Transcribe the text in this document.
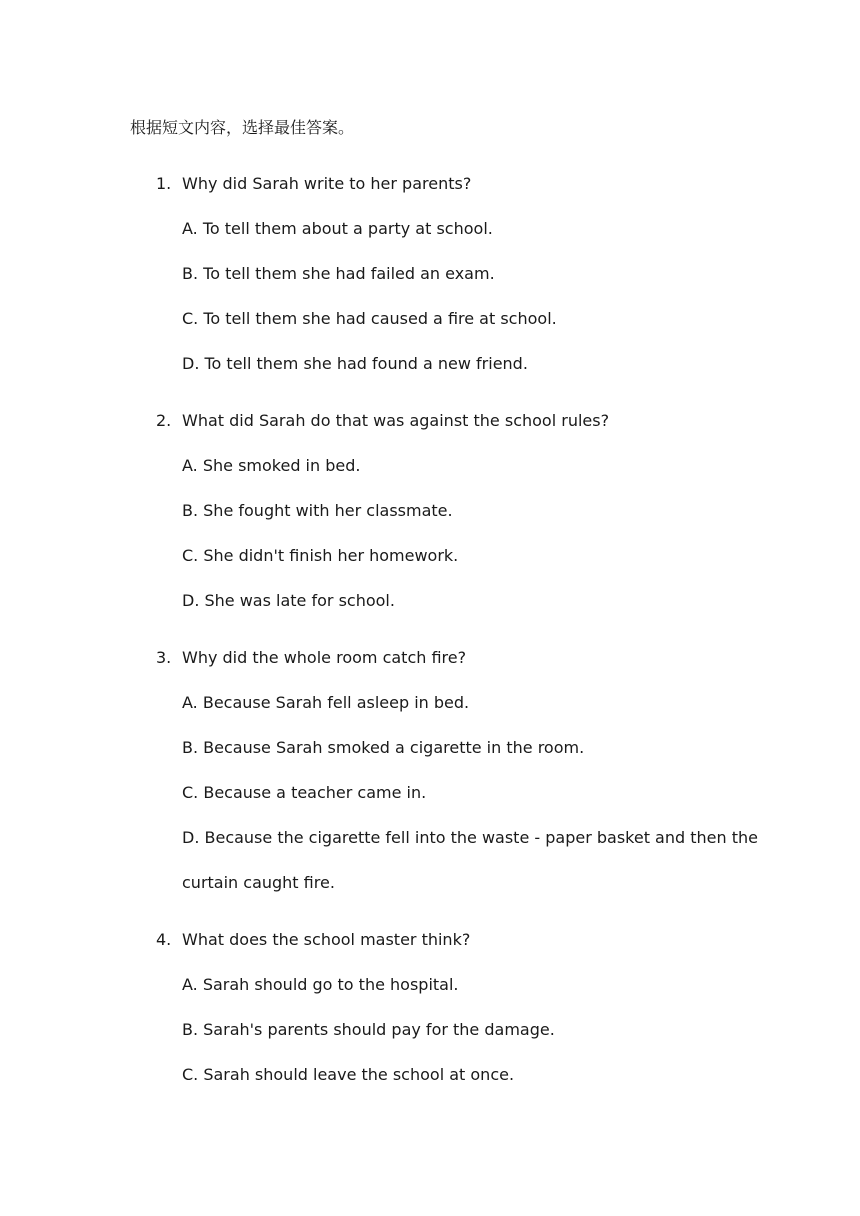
根据短文内容，选择最佳答案。
1. Why did Sarah write to her parents?
A. To tell them about a party at school.
B. To tell them she had failed an exam.
C. To tell them she had caused a fire at school.
D. To tell them she had found a new friend.
2. What did Sarah do that was against the school rules?
A. She smoked in bed.
B. She fought with her classmate.
C. She didn't finish her homework.
D. She was late for school.
3. Why did the whole room catch fire?
A. Because Sarah fell asleep in bed.
B. Because Sarah smoked a cigarette in the room.
C. Because a teacher came in.
D. Because the cigarette fell into the waste - paper basket and then the
curtain caught fire.
4. What does the school master think?
A. Sarah should go to the hospital.
B. Sarah's parents should pay for the damage.
C. Sarah should leave the school at once.
